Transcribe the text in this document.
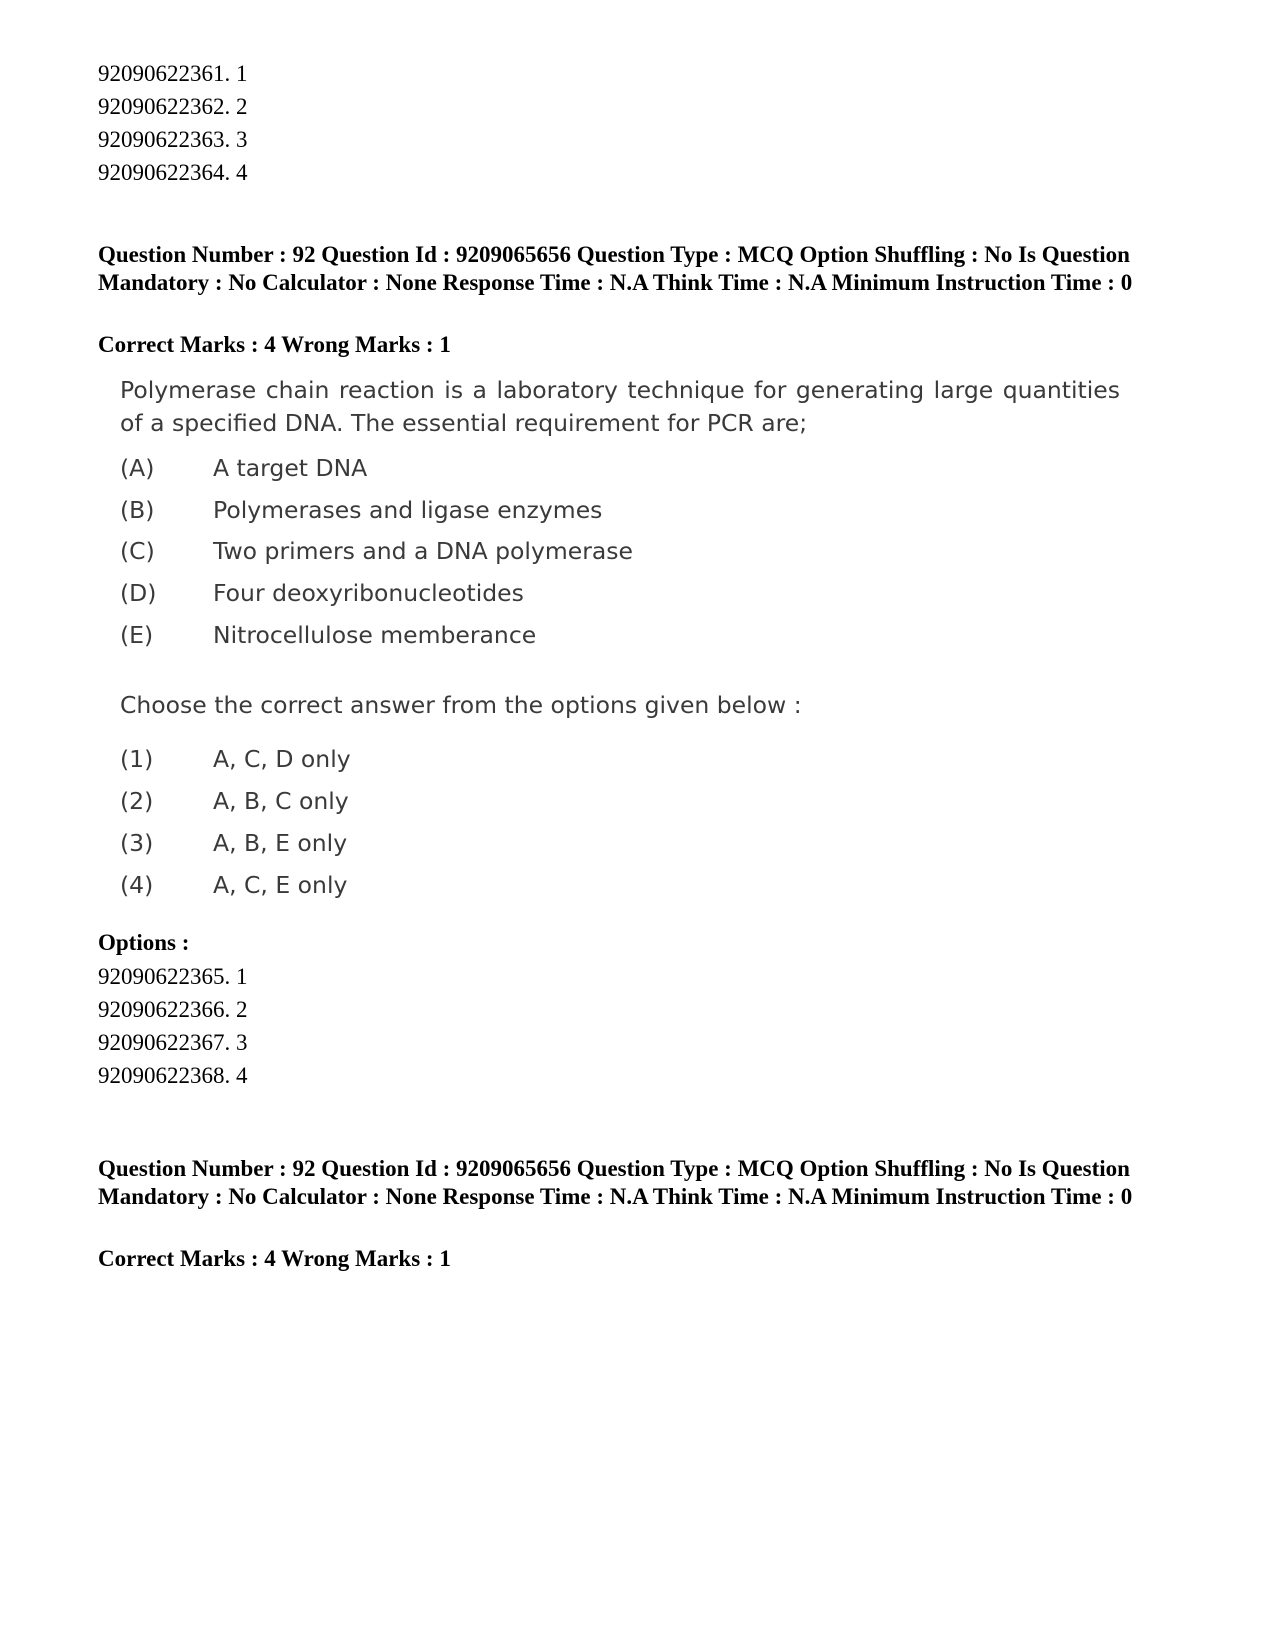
92090622361. 1
92090622362. 2
92090622363. 3
92090622364. 4

Question Number : 92 Question Id : 9209065656 Question Type : MCQ Option Shuffling : No Is Question Mandatory : No Calculator : None Response Time : N.A Think Time : N.A Minimum Instruction Time : 0

Correct Marks : 4 Wrong Marks : 1
Polymerase chain reaction is a laboratory technique for generating large quantities of a specified DNA. The essential requirement for PCR are;
(A) A target DNA
(B) Polymerases and ligase enzymes
(C) Two primers and a DNA polymerase
(D) Four deoxyribonucleotides
(E)	Nitrocellulose memberance
Choose the correct answer from the options given below :
(1)	A, C, D only
(2)	A, B, C only
(3)	A, B, E only
(4)	A, C, E only
Options :
92090622365. 1
92090622366. 2
92090622367. 3
92090622368. 4

Question Number : 92 Question Id : 9209065656 Question Type : MCQ Option Shuffling : No Is Question Mandatory : No Calculator : None Response Time : N.A Think Time : N.A Minimum Instruction Time : 0

Correct Marks : 4 Wrong Marks : 1
